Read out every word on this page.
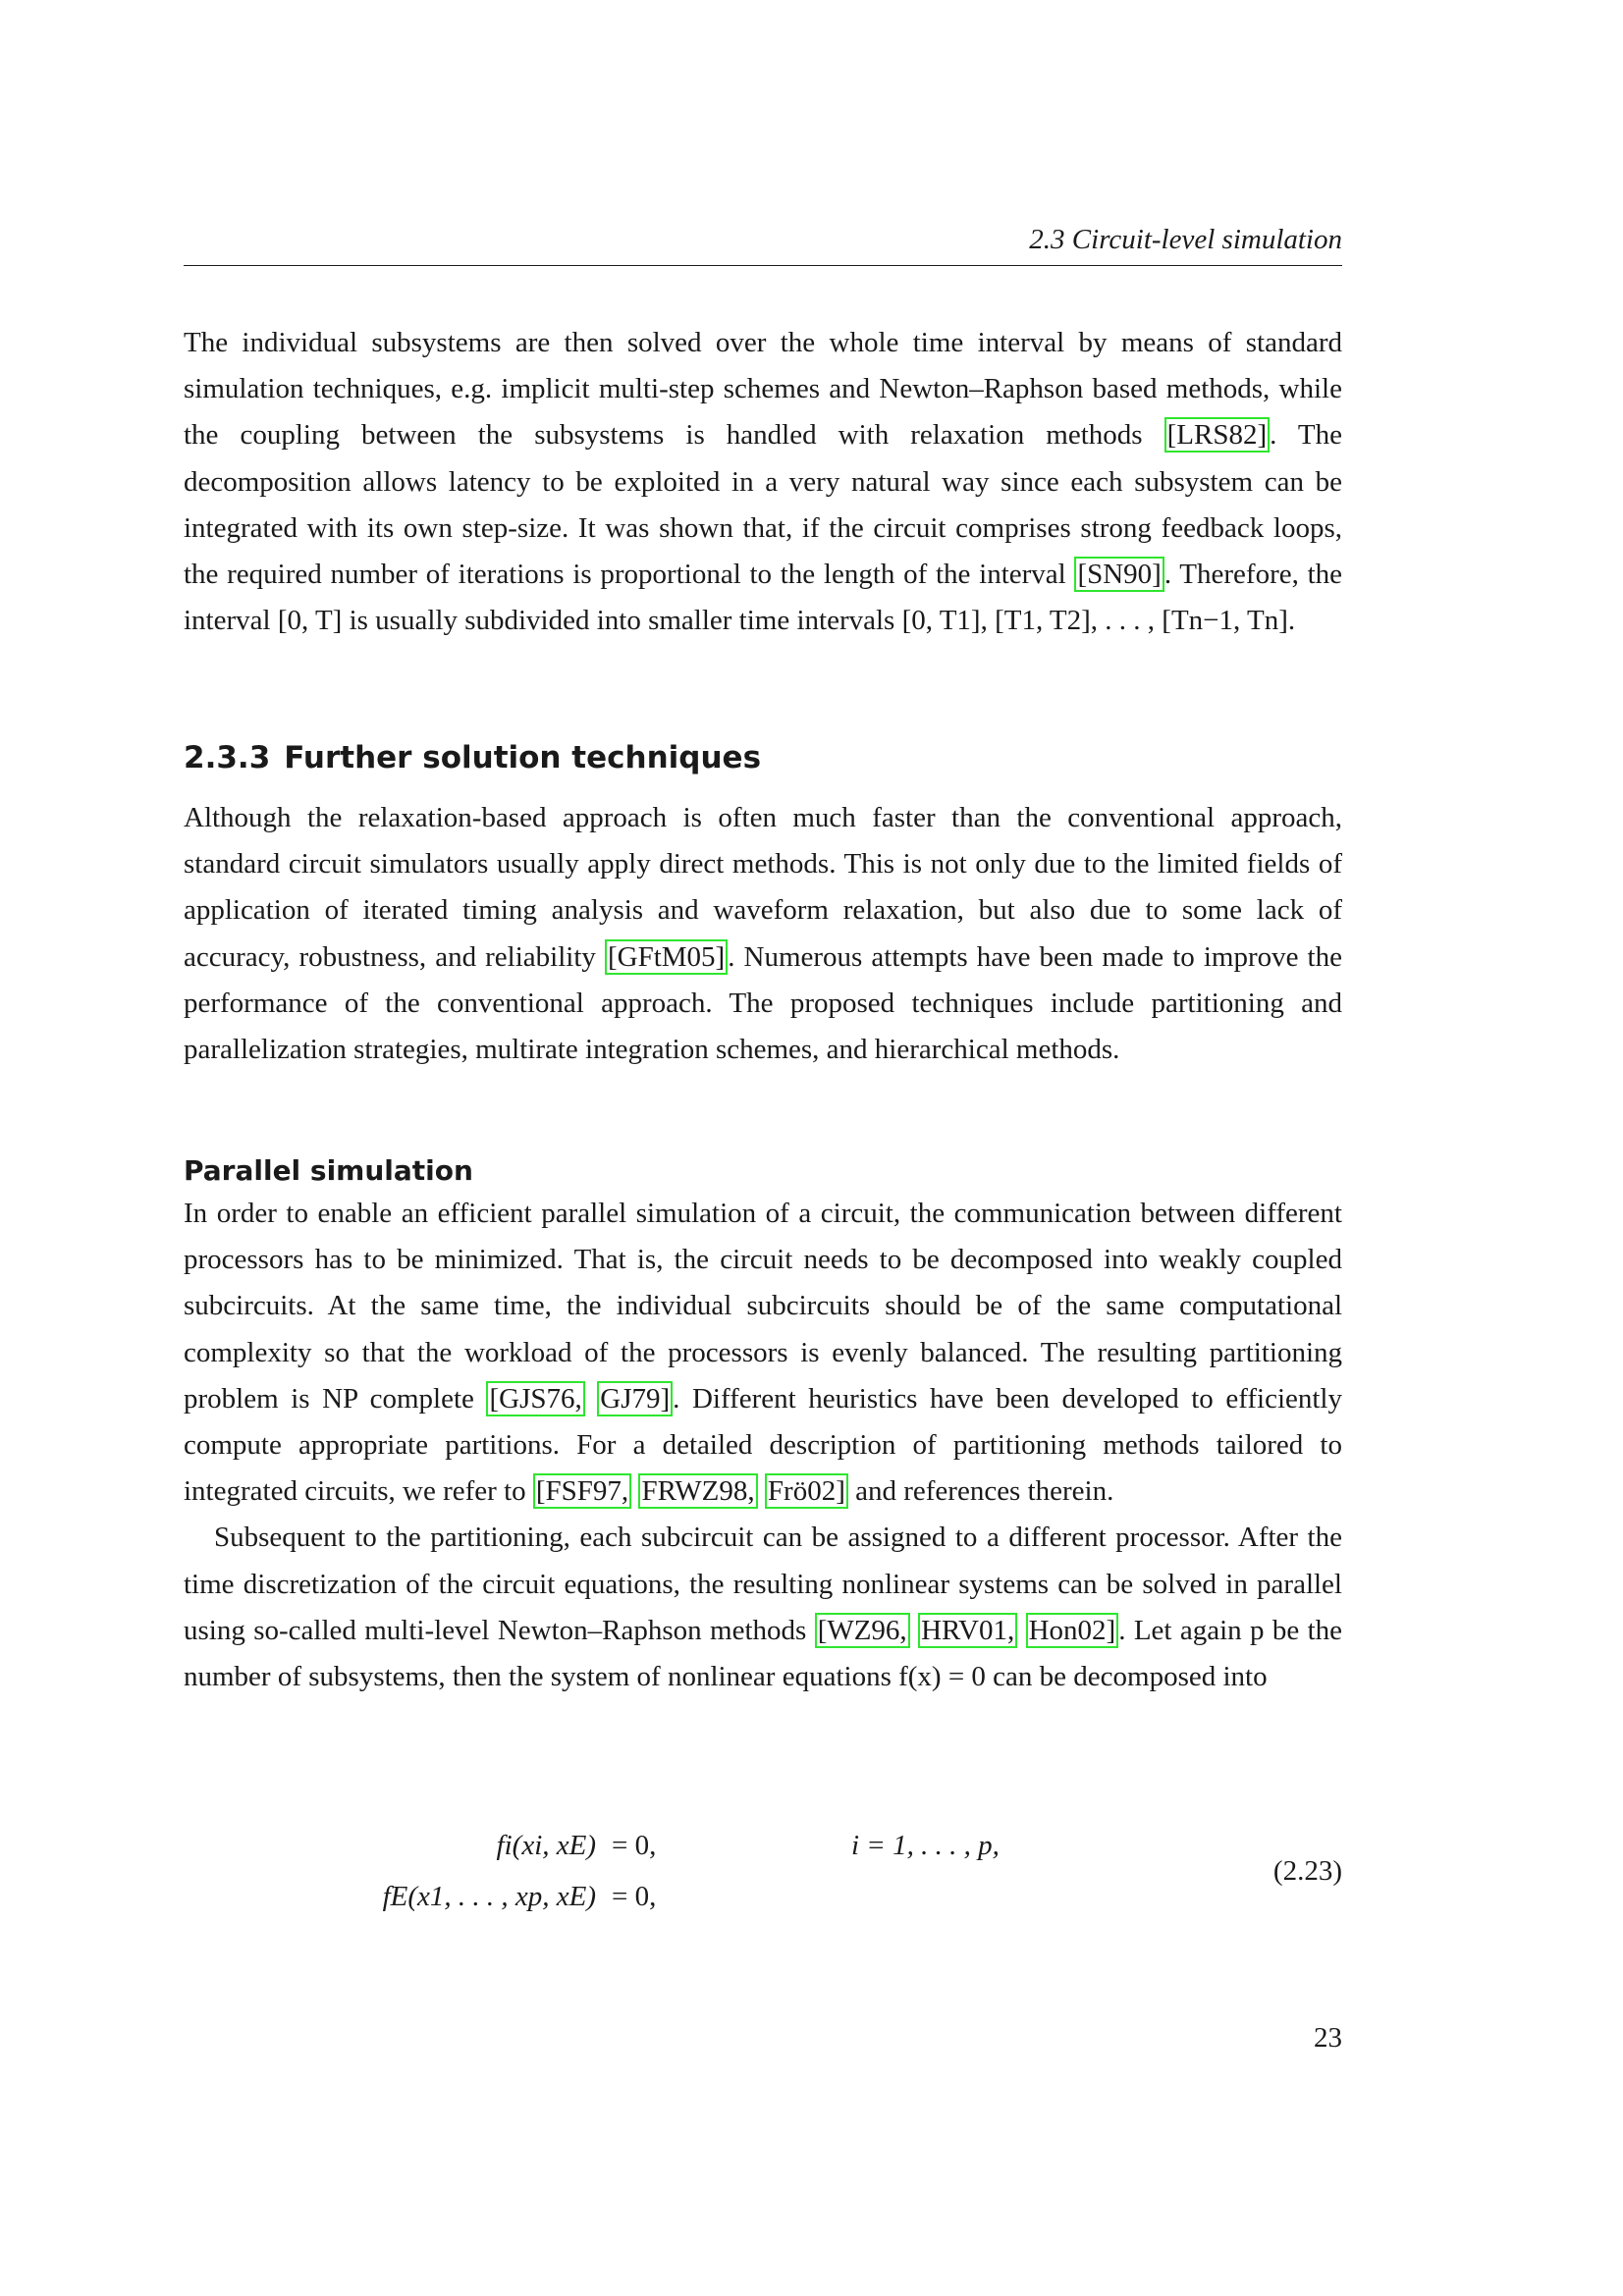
2.3 Circuit-level simulation

The individual subsystems are then solved over the whole time interval by means of standard simulation techniques, e.g. implicit multi-step schemes and Newton–Raphson based methods, while the coupling between the subsystems is handled with relaxation methods [LRS82] . The decomposition allows latency to be exploited in a very natural way since each subsystem can be integrated with its own step-size. It was shown that, if the circuit comprises strong feedback loops, the required number of iterations is proportional to the length of the interval [SN90] . Therefore, the interval [0, T] is usually subdivided into smaller time intervals [0, T1], [T1, T2], . . . , [Tn−1, Tn].

2.3.3 Further solution techniques

Although the relaxation-based approach is often much faster than the conventional approach, standard circuit simulators usually apply direct methods. This is not only due to the limited fields of application of iterated timing analysis and waveform relaxation, but also due to some lack of accuracy, robustness, and reliability [GFtM05] . Numerous attempts have been made to improve the performance of the conventional approach. The proposed techniques include partitioning and parallelization strategies, multirate integration schemes, and hierarchical methods.

Parallel simulation

In order to enable an efficient parallel simulation of a circuit, the communication between different processors has to be minimized. That is, the circuit needs to be decomposed into weakly coupled subcircuits. At the same time, the individual subcircuits should be of the same computational complexity so that the workload of the processors is evenly balanced. The resulting partitioning problem is NP complete [GJS76, GJ79] . Different heuristics have been developed to efficiently compute appropriate partitions. For a detailed description of partitioning methods tailored to integrated circuits, we refer to [FSF97, FRWZ98, Frö02] and references therein.

Subsequent to the partitioning, each subcircuit can be assigned to a different processor. After the time discretization of the circuit equations, the resulting nonlinear systems can be solved in parallel using so-called multi-level Newton–Raphson methods [WZ96, HRV01, Hon02] . Let again p be the number of subsystems, then the system of nonlinear equations f(x) = 0 can be decomposed into

fi(xi, xE) = 0,	i = 1, . . . , p,
fE(x1, . . . , xp, xE) = 0,
(2.23)
23
